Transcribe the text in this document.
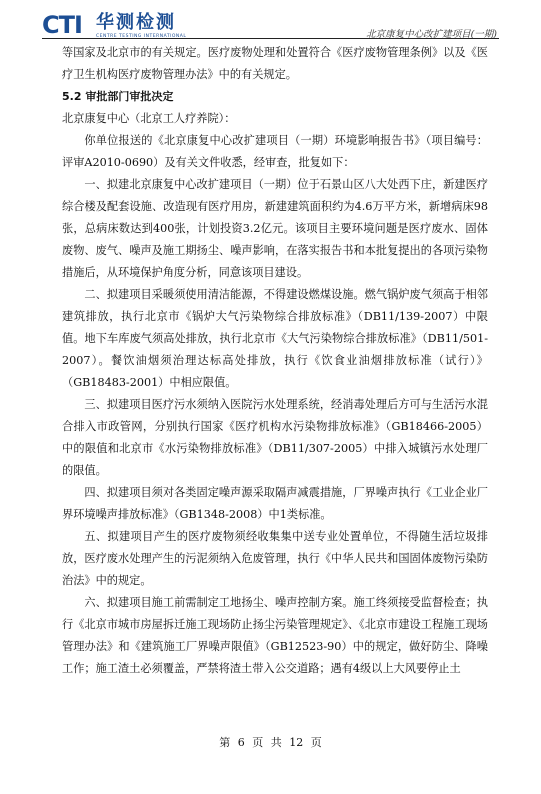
CTI 华测检测
CENTRE TESTING INTERNATIONAL	北京康复中心改扩建项目(一期)

等国家及北京市的有关规定。医疗废物处理和处置符合《医疗废物管理条例》以及《医疗卫生机构医疗废物管理办法》中的有关规定。

5.2 审批部门审批决定

北京康复中心（北京工人疗养院）：

你单位报送的《北京康复中心改扩建项目（一期）环境影响报告书》（项目编号：评审A2010-0690）及有关文件收悉，经审查，批复如下：

一、拟建北京康复中心改扩建项目（一期）位于石景山区八大处西下庄，新建医疗综合楼及配套设施、改造现有医疗用房，新建建筑面积约为4.6万平方米，新增病床98张，总病床数达到400张，计划投资3.2亿元。该项目主要环境问题是医疗废水、固体废物、废气、噪声及施工期扬尘、噪声影响，在落实报告书和本批复提出的各项污染物措施后，从环境保护角度分析，同意该项目建设。

二、拟建项目采暖须使用清洁能源，不得建设燃煤设施。燃气锅炉废气须高于相邻建筑排放，执行北京市《锅炉大气污染物综合排放标准》（DB11/139-2007）中限值。地下车库废气须高处排放，执行北京市《大气污染物综合排放标准》（DB11/501-2007）。餐饮油烟须治理达标高处排放，执行《饮食业油烟排放标准（试行）》（GB18483-2001）中相应限值。

三、拟建项目医疗污水须纳入医院污水处理系统，经消毒处理后方可与生活污水混合排入市政管网，分别执行国家《医疗机构水污染物排放标准》（GB18466-2005）中的限值和北京市《水污染物排放标准》（DB11/307-2005）中排入城镇污水处理厂的限值。

四、拟建项目须对各类固定噪声源采取隔声减震措施，厂界噪声执行《工业企业厂界环境噪声排放标准》（GB1348-2008）中1类标准。

五、拟建项目产生的医疗废物须经收集集中送专业处置单位，不得随生活垃圾排放，医疗废水处理产生的污泥须纳入危废管理，执行《中华人民共和国固体废物污染防治法》中的规定。

六、拟建项目施工前需制定工地扬尘、噪声控制方案。施工终须接受监督检查；执行《北京市城市房屋拆迁施工现场防止扬尘污染管理规定》、《北京市建设工程施工现场管理办法》和《建筑施工厂界噪声限值》（GB12523-90）中的规定，做好防尘、降噪工作；施工渣土必须覆盖，严禁将渣土带入公交道路；遇有4级以上大风要停止土

第 6 页 共 12 页
